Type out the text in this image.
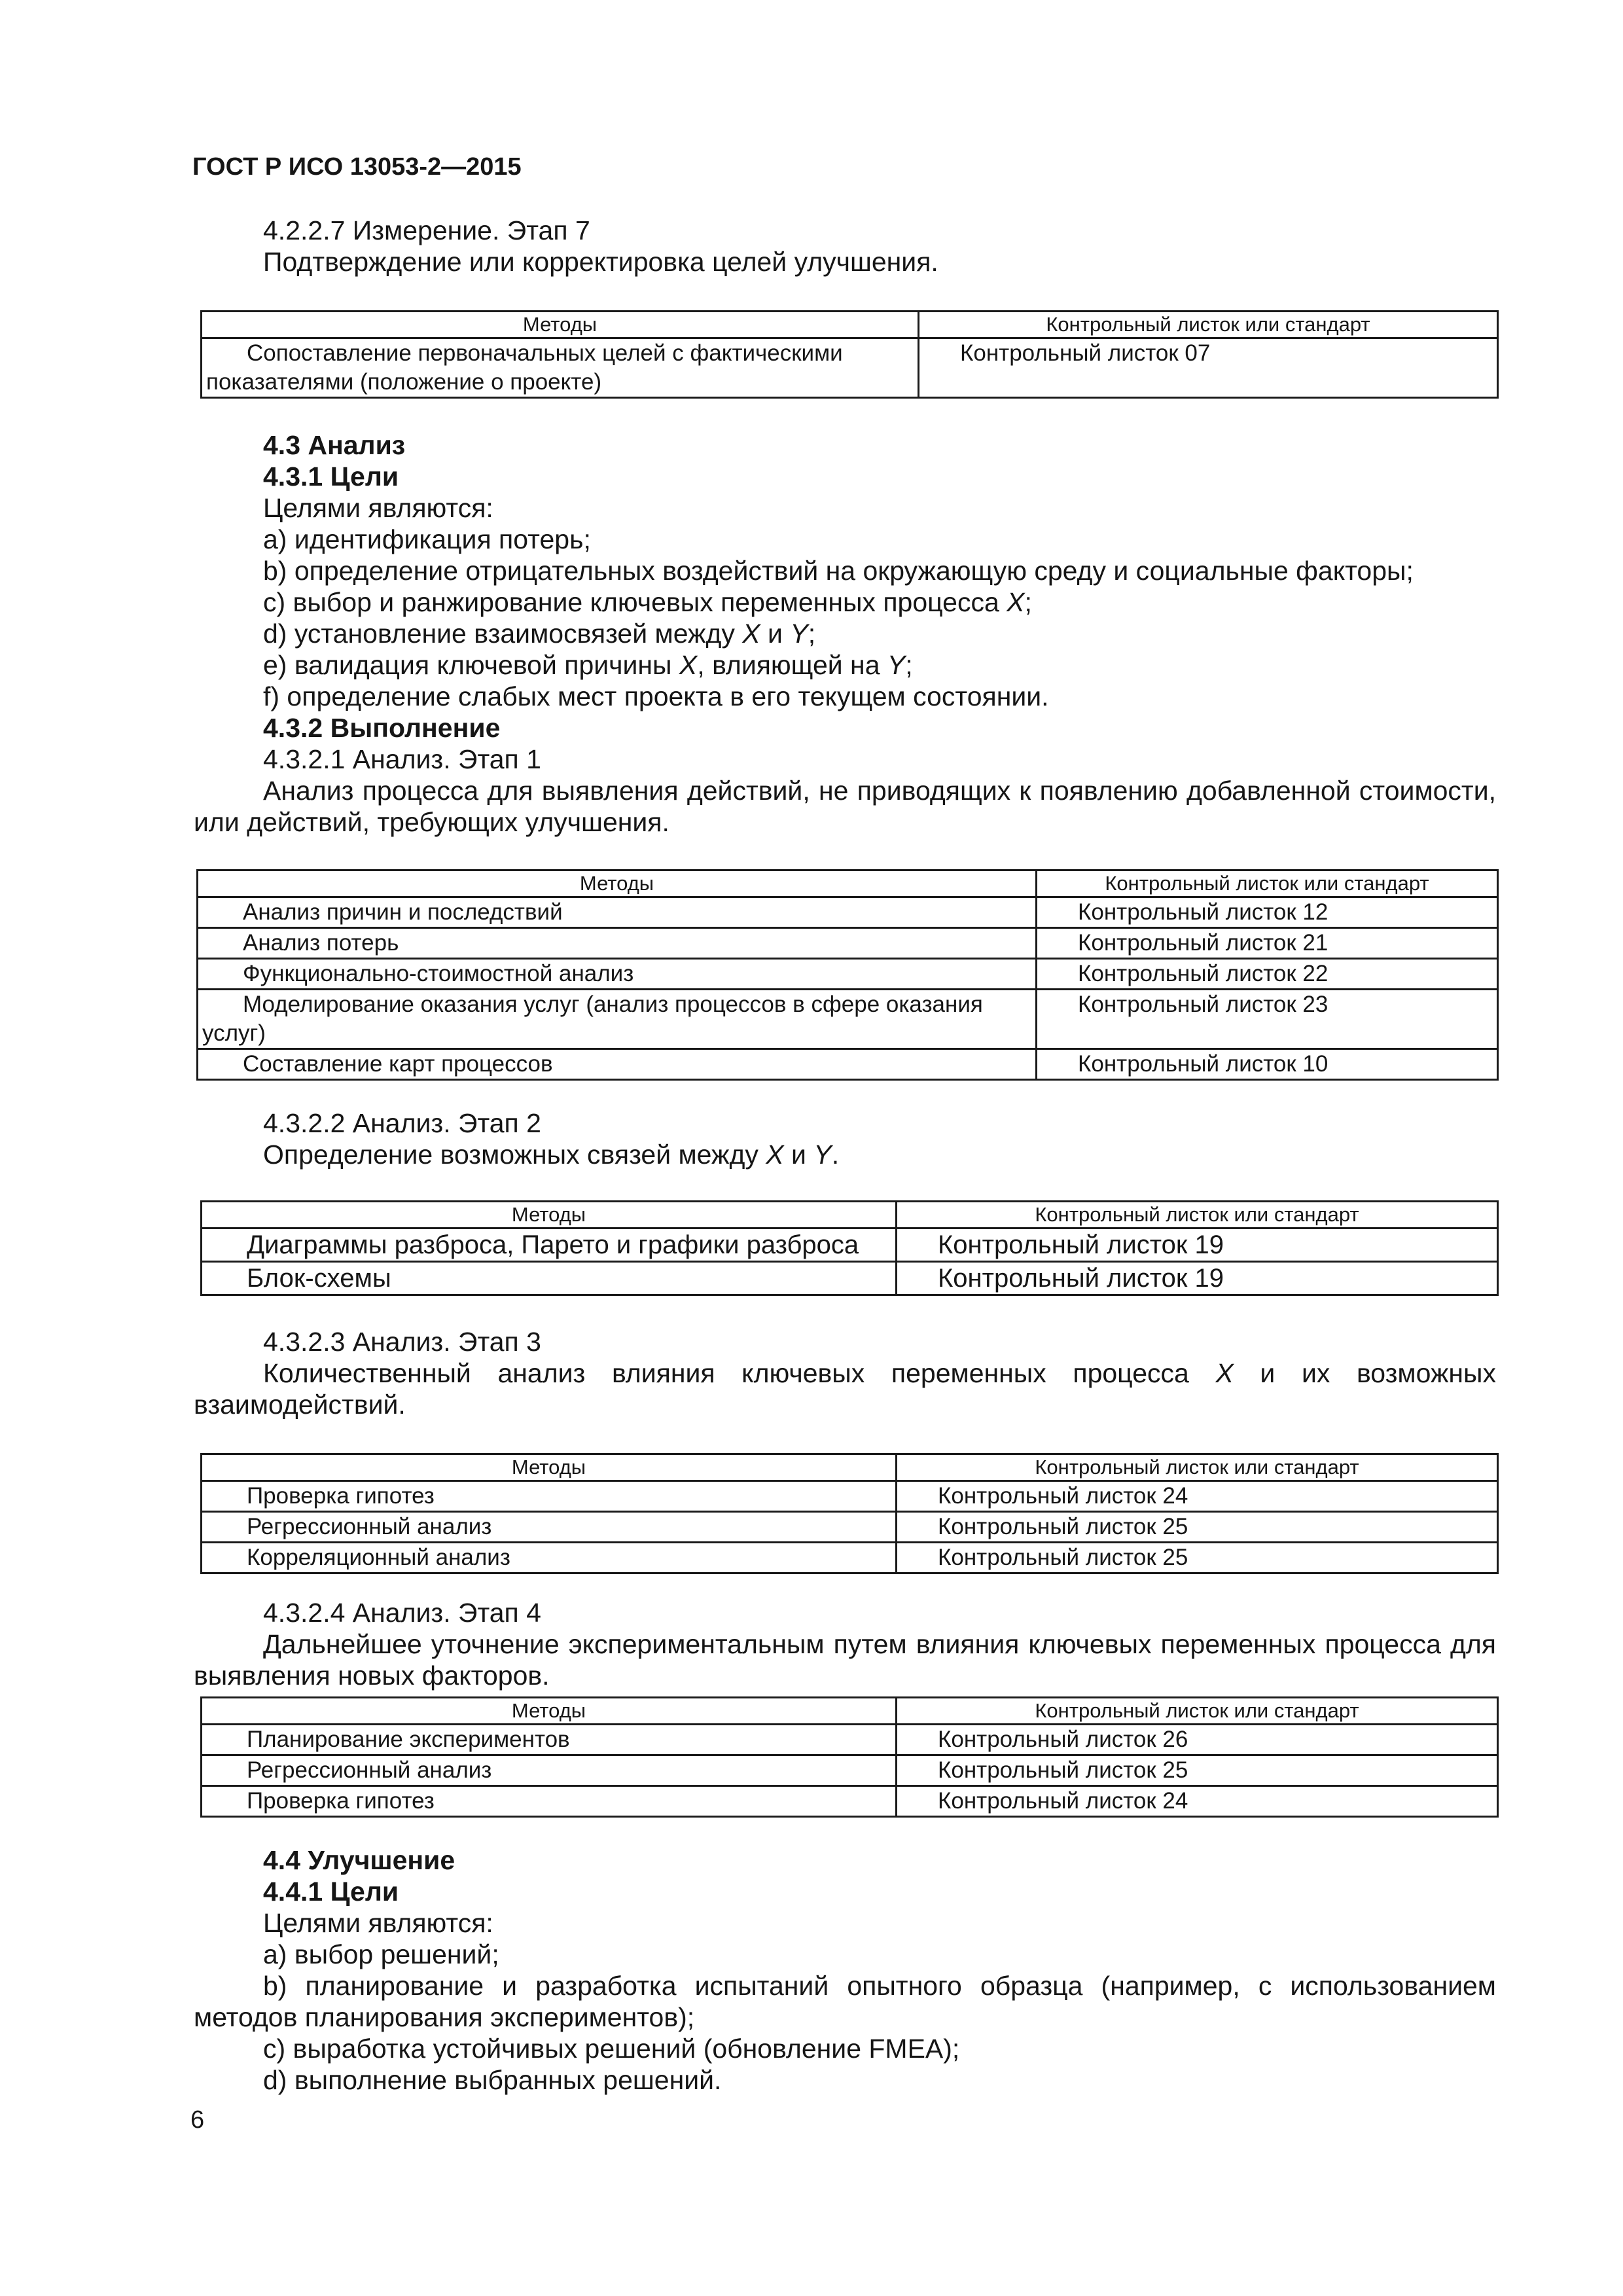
ГОСТ Р ИСО 13053-2—2015

4.2.2.7 Измерение. Этап 7

Подтверждение или корректировка целей улучшения.

Методы	Контрольный листок или стандарт

Сопоставление первоначальных целей с фактическими показателями (положение о проекте)	Контрольный листок 07

4.3 Анализ

4.3.1 Цели

Целями являются:

a) идентификация потерь;

b) определение отрицательных воздействий на окружающую среду и социальные факторы;

c) выбор и ранжирование ключевых переменных процесса X;

d) установление взаимосвязей между X и Y;

e) валидация ключевой причины X, влияющей на Y;

f) определение слабых мест проекта в его текущем состоянии.

4.3.2 Выполнение

4.3.2.1 Анализ. Этап 1

Анализ процесса для выявления действий, не приводящих к появлению добавленной стоимости, или действий, требующих улучшения.

Методы	Контрольный листок или стандарт

Анализ причин и последствий	Контрольный листок 12

Анализ потерь	Контрольный листок 21

Функционально-стоимостной анализ	Контрольный листок 22

Моделирование оказания услуг (анализ процессов в сфере оказания услуг)	Контрольный листок 23

Составление карт процессов	Контрольный листок 10

4.3.2.2 Анализ. Этап 2

Определение возможных связей между X и Y.

Методы	Контрольный листок или стандарт

Диаграммы разброса, Парето и графики разброса	Контрольный листок 19

Блок-схемы	Контрольный листок 19

4.3.2.3 Анализ. Этап 3

Количественный анализ влияния ключевых переменных процесса X и их возможных взаимодействий.

Методы	Контрольный листок или стандарт

Проверка гипотез	Контрольный листок 24

Регрессионный анализ	Контрольный листок 25

Корреляционный анализ	Контрольный листок 25

4.3.2.4 Анализ. Этап 4

Дальнейшее уточнение экспериментальным путем влияния ключевых переменных процесса для выявления новых факторов.

Методы	Контрольный листок или стандарт

Планирование экспериментов	Контрольный листок 26

Регрессионный анализ	Контрольный листок 25

Проверка гипотез	Контрольный листок 24

4.4 Улучшение

4.4.1 Цели

Целями являются:

a) выбор решений;

b) планирование и разработка испытаний опытного образца (например, с использованием методов планирования экспериментов);

c) выработка устойчивых решений (обновление FMEA);

d) выполнение выбранных решений.

6
